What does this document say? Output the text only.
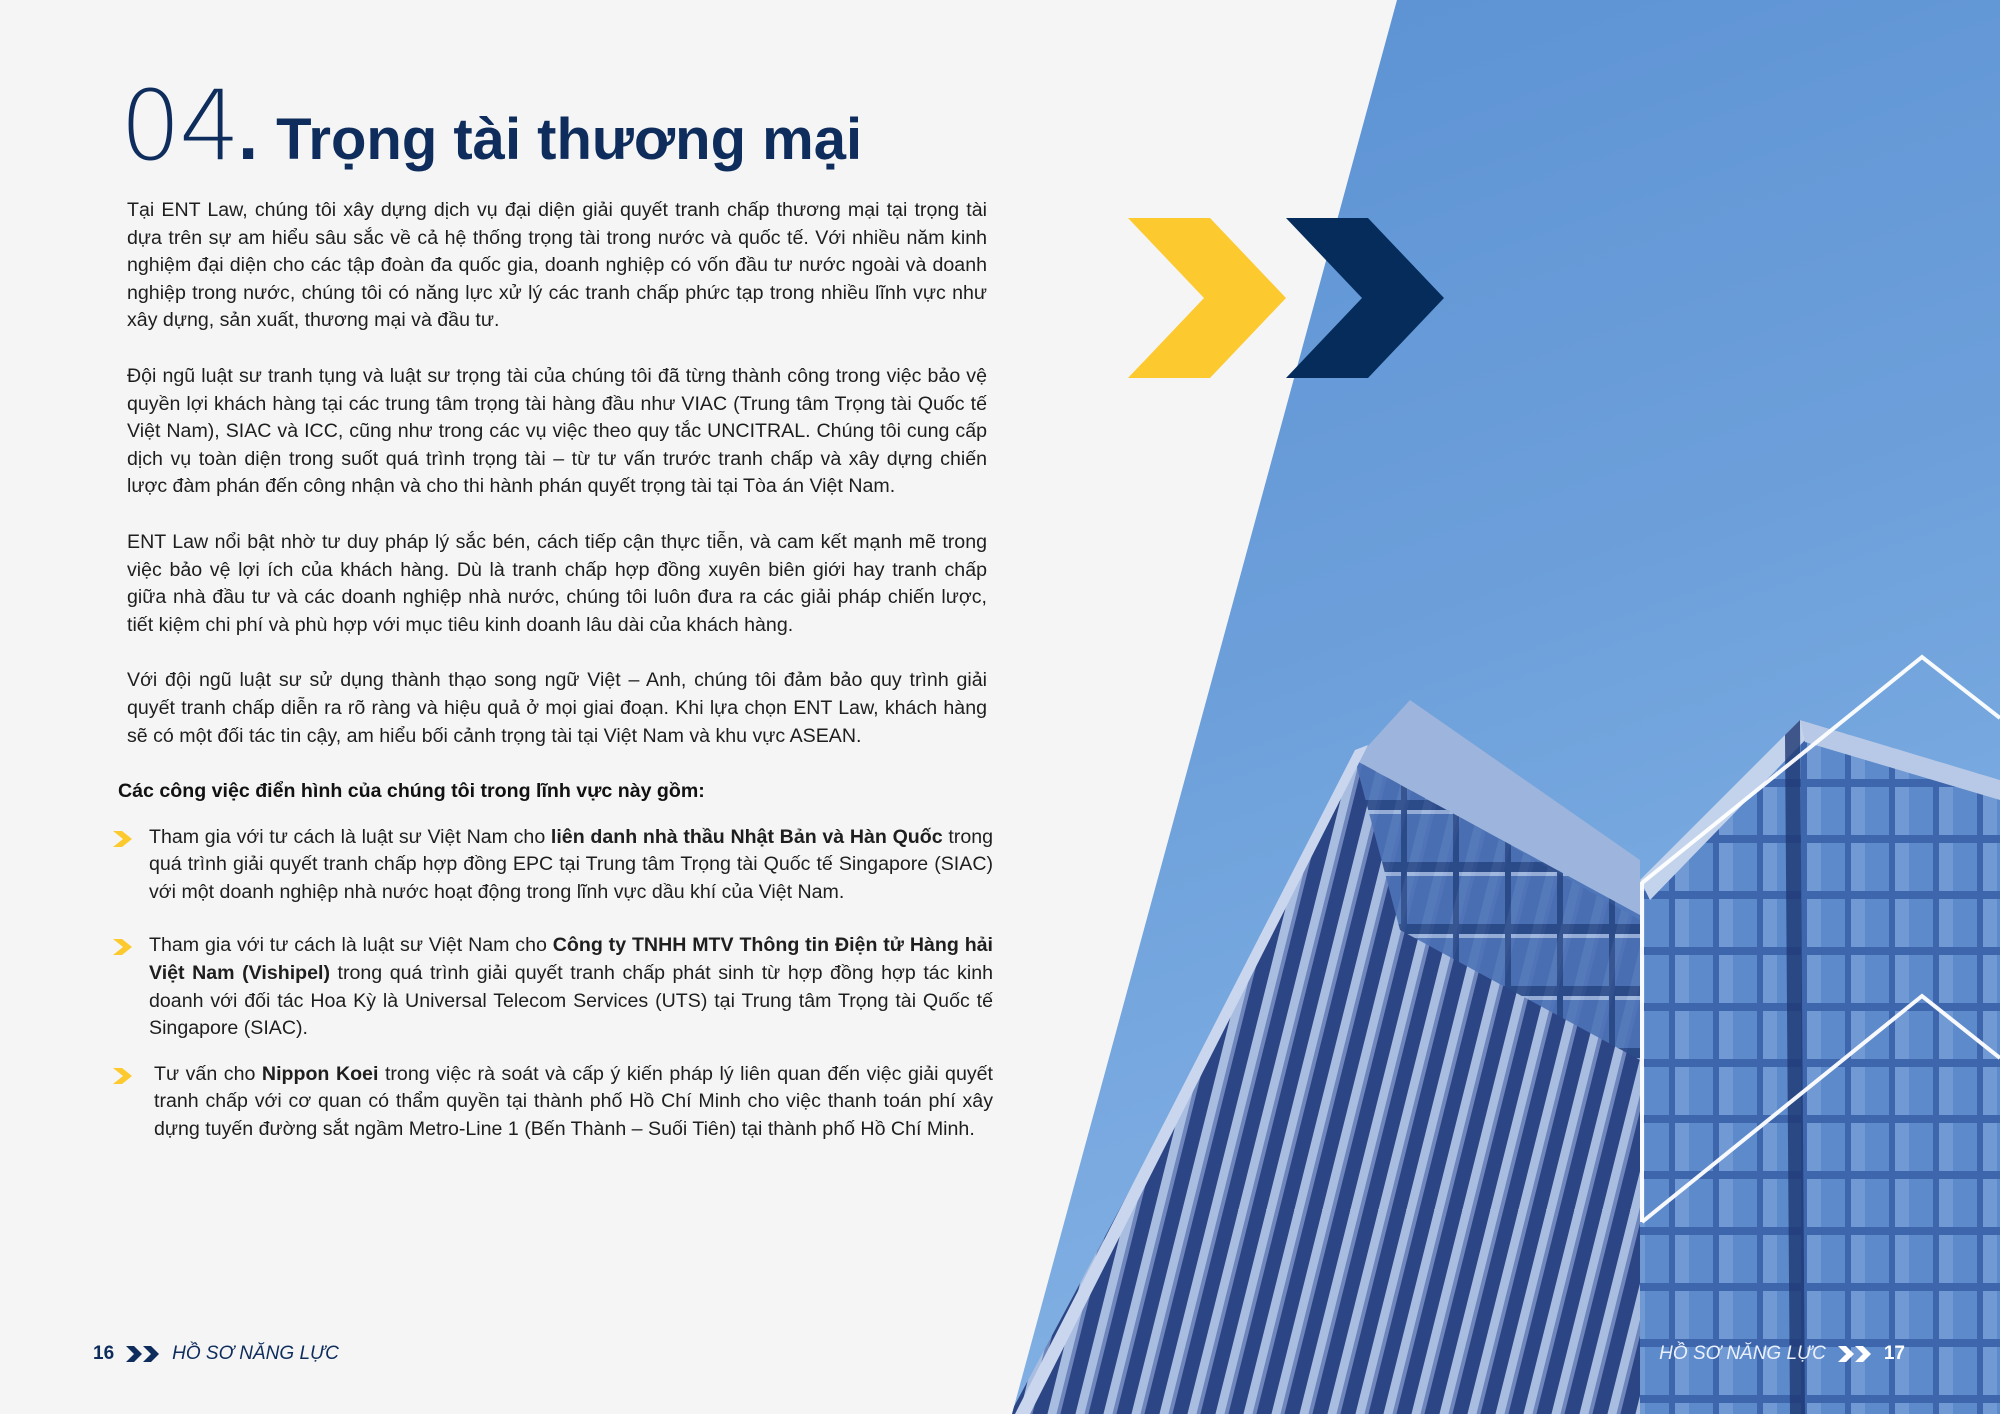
04. Trọng tài thương mại

Tại ENT Law, chúng tôi xây dựng dịch vụ đại diện giải quyết tranh chấp thương mại tại trọng tài dựa trên sự am hiểu sâu sắc về cả hệ thống trọng tài trong nước và quốc tế. Với nhiều năm kinh nghiệm đại diện cho các tập đoàn đa quốc gia, doanh nghiệp có vốn đầu tư nước ngoài và doanh nghiệp trong nước, chúng tôi có năng lực xử lý các tranh chấp phức tạp trong nhiều lĩnh vực như xây dựng, sản xuất, thương mại và đầu tư.

Đội ngũ luật sư tranh tụng và luật sư trọng tài của chúng tôi đã từng thành công trong việc bảo vệ quyền lợi khách hàng tại các trung tâm trọng tài hàng đầu như VIAC (Trung tâm Trọng tài Quốc tế Việt Nam), SIAC và ICC, cũng như trong các vụ việc theo quy tắc UNCITRAL. Chúng tôi cung cấp dịch vụ toàn diện trong suốt quá trình trọng tài – từ tư vấn trước tranh chấp và xây dựng chiến lược đàm phán đến công nhận và cho thi hành phán quyết trọng tài tại Tòa án Việt Nam.

ENT Law nổi bật nhờ tư duy pháp lý sắc bén, cách tiếp cận thực tiễn, và cam kết mạnh mẽ trong việc bảo vệ lợi ích của khách hàng. Dù là tranh chấp hợp đồng xuyên biên giới hay tranh chấp giữa nhà đầu tư và các doanh nghiệp nhà nước, chúng tôi luôn đưa ra các giải pháp chiến lược, tiết kiệm chi phí và phù hợp với mục tiêu kinh doanh lâu dài của khách hàng.

Với đội ngũ luật sư sử dụng thành thạo song ngữ Việt – Anh, chúng tôi đảm bảo quy trình giải quyết tranh chấp diễn ra rõ ràng và hiệu quả ở mọi giai đoạn. Khi lựa chọn ENT Law, khách hàng sẽ có một đối tác tin cậy, am hiểu bối cảnh trọng tài tại Việt Nam và khu vực ASEAN.

Các công việc điển hình của chúng tôi trong lĩnh vực này gồm:

Tham gia với tư cách là luật sư Việt Nam cho liên danh nhà thầu Nhật Bản và Hàn Quốc trong quá trình giải quyết tranh chấp hợp đồng EPC tại Trung tâm Trọng tài Quốc tế Singapore (SIAC) với một doanh nghiệp nhà nước hoạt động trong lĩnh vực dầu khí của Việt Nam.
Tham gia với tư cách là luật sư Việt Nam cho Công ty TNHH MTV Thông tin Điện tử Hàng hải Việt Nam (Vishipel) trong quá trình giải quyết tranh chấp phát sinh từ hợp đồng hợp tác kinh doanh với đối tác Hoa Kỳ là Universal Telecom Services (UTS) tại Trung tâm Trọng tài Quốc tế Singapore (SIAC).
Tư vấn cho Nippon Koei trong việc rà soát và cấp ý kiến pháp lý liên quan đến việc giải quyết tranh chấp với cơ quan có thẩm quyền tại thành phố Hồ Chí Minh cho việc thanh toán phí xây dựng tuyến đường sắt ngầm Metro-Line 1 (Bến Thành – Suối Tiên) tại thành phố Hồ Chí Minh.
16	HỒ SƠ NĂNG LỰC	HỒ SƠ NĂNG LỰC	17
